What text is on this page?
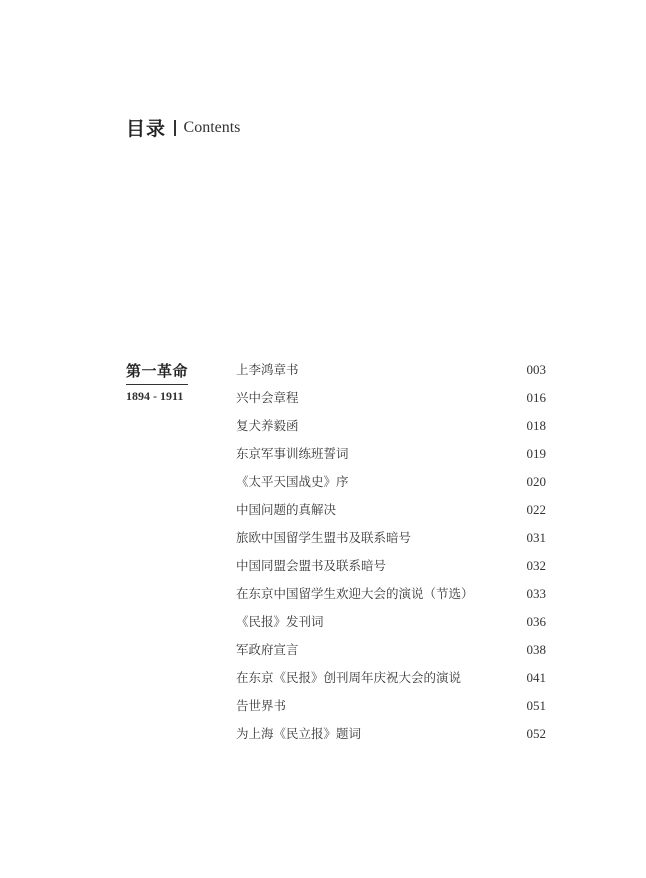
目录 Contents
第一革命
1894 - 1911
上李鸿章书	003
兴中会章程	016
复犬养毅函	018
东京军事训练班誓词	019
《太平天国战史》序	020
中国问题的真解决	022
旅欧中国留学生盟书及联系暗号	031
中国同盟会盟书及联系暗号	032
在东京中国留学生欢迎大会的演说（节选）	033
《民报》发刊词	036
军政府宣言	038
在东京《民报》创刊周年庆祝大会的演说	041
告世界书	051
为上海《民立报》题词	052
